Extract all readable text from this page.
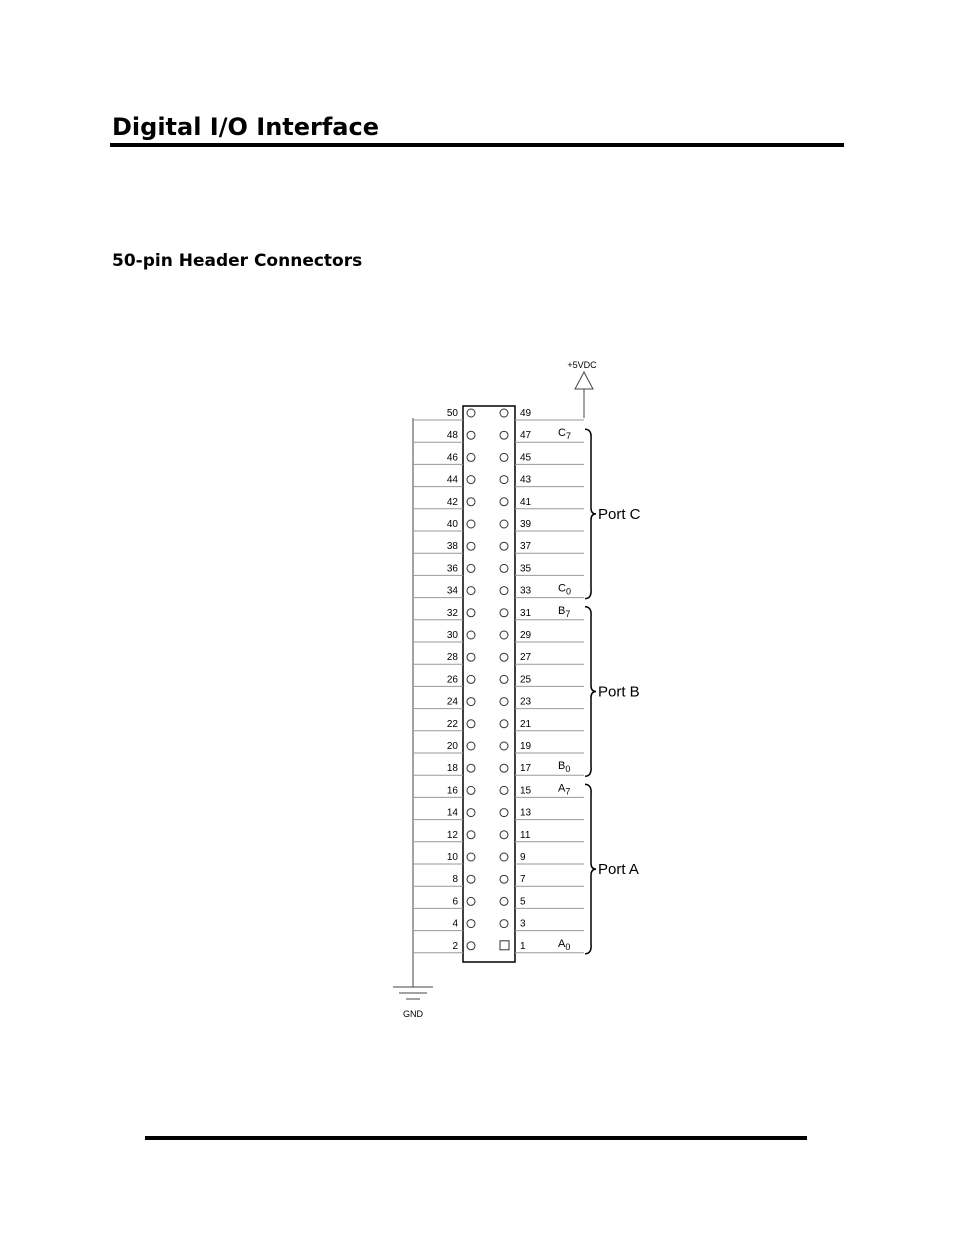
Digital I/O Interface
50-pin Header Connectors
+5VDC
GND
50
48
46
44
42
40
38
36
34
32
30
28
26
24
22
20
18
16
14
12
10
8
6
4
2
49
47
45
43
41
39
37
35
33
31
29
27
25
23
21
19
17
15
13
11
9
7
5
3
1
$C_7$
$C_0$
$B_7$
$B_0$
$A_7$
$A_0$
Port C
Port B
Port A
